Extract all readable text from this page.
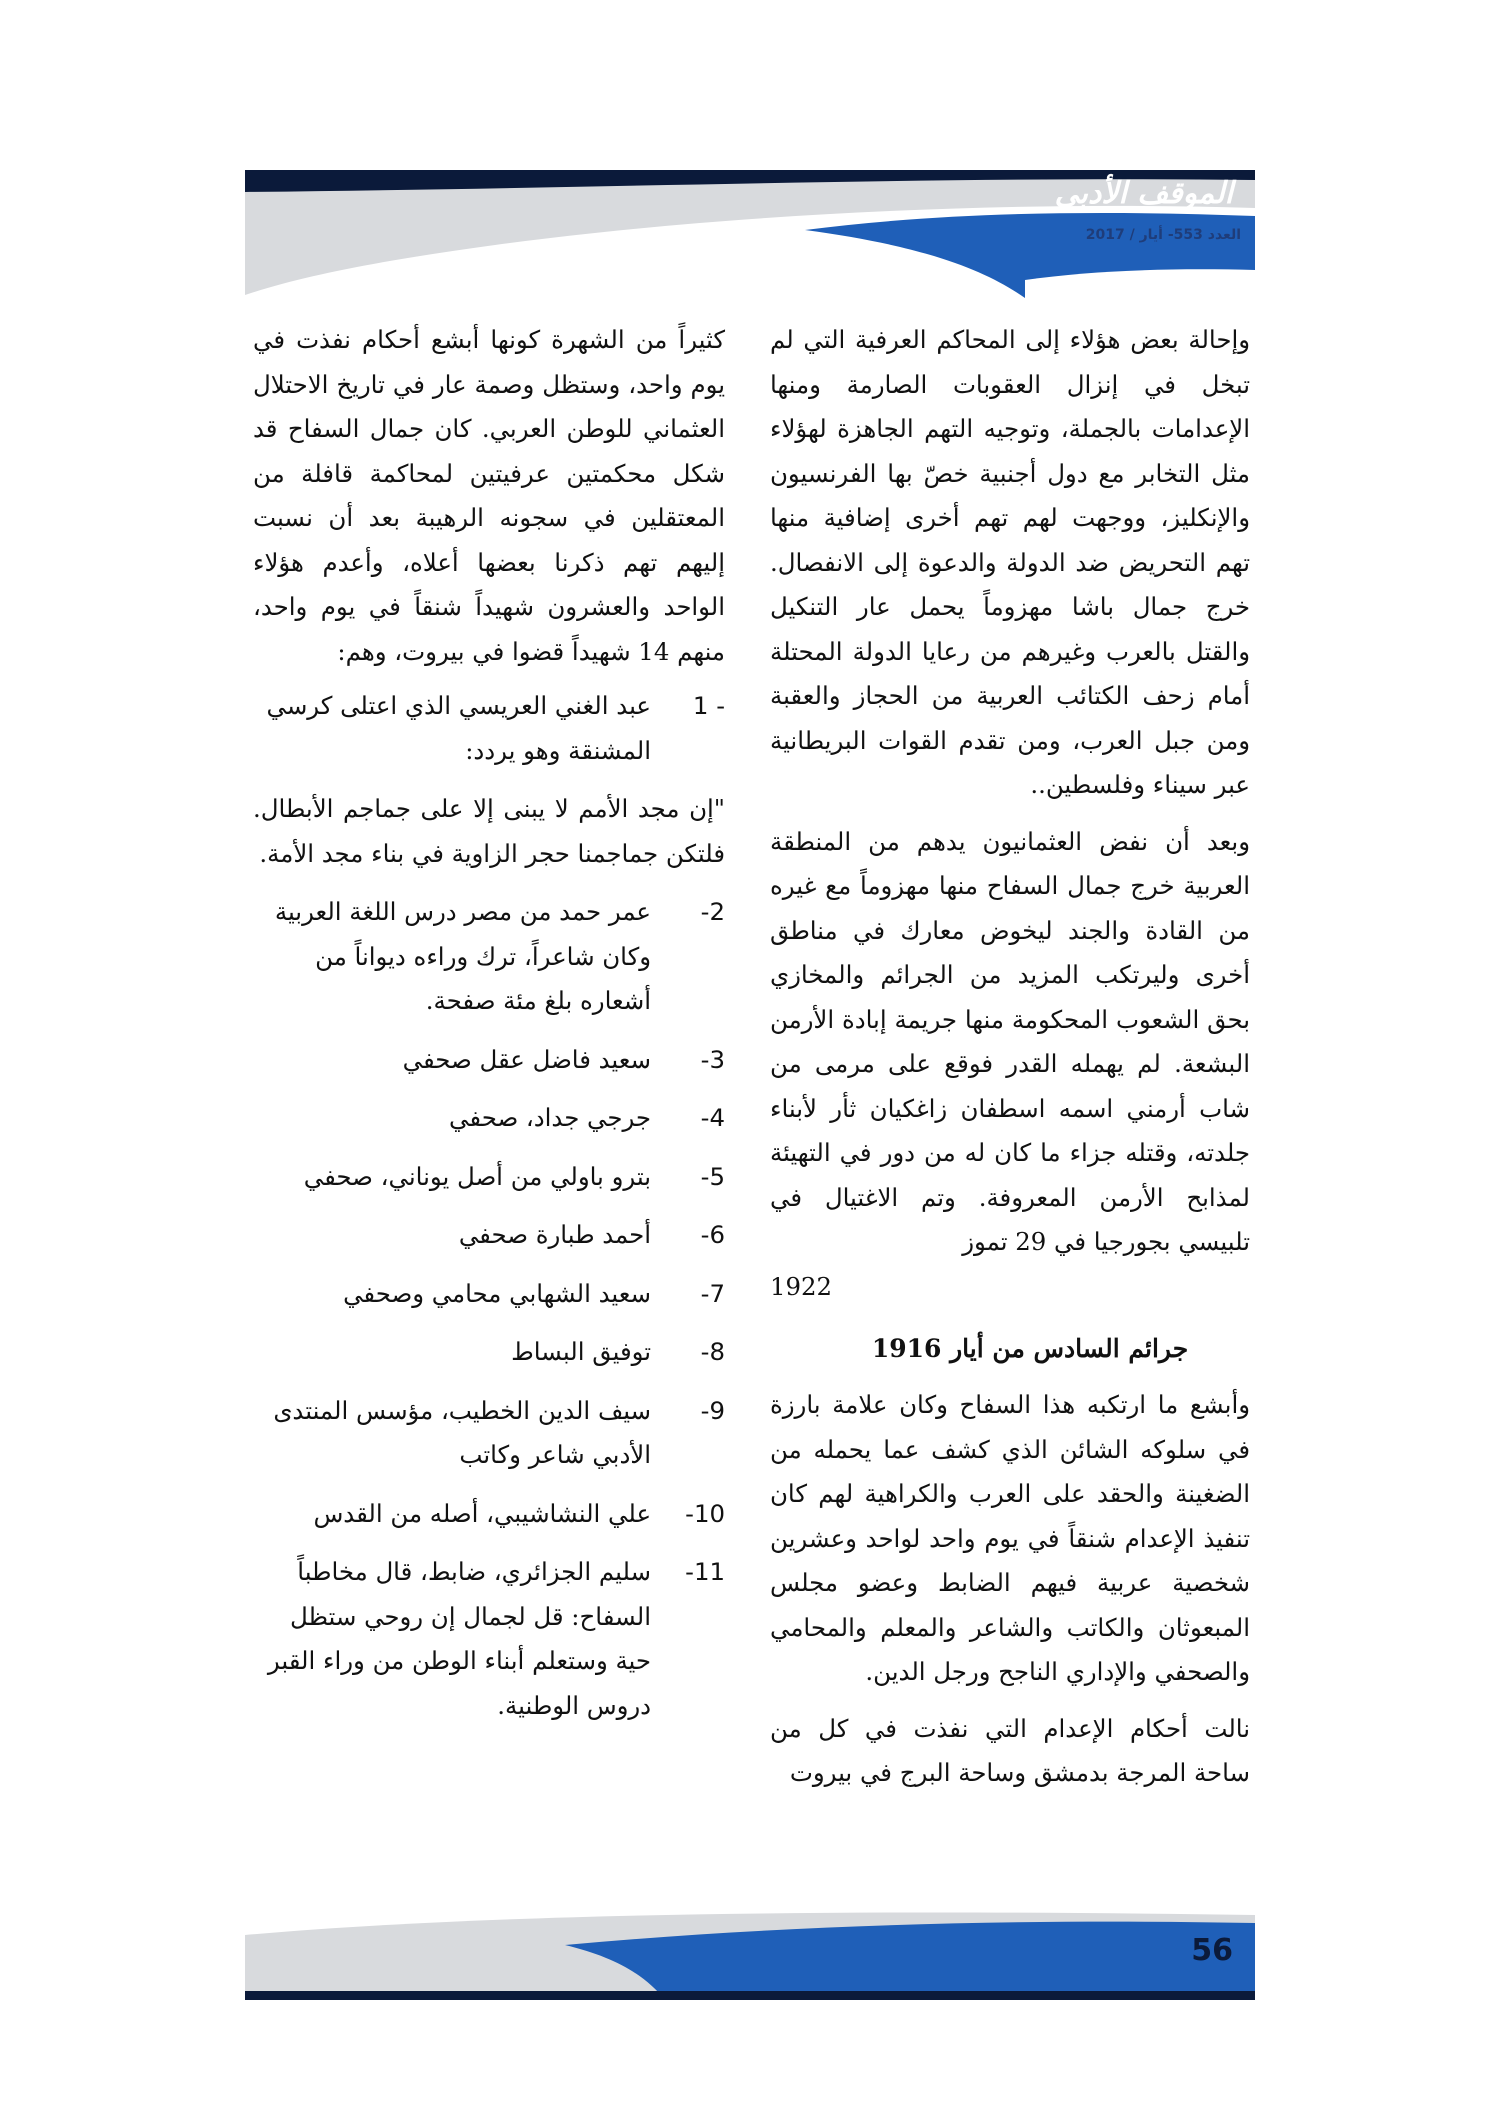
الموقف الأدبي
العدد 553- أيار / 2017

وإحالة بعض هؤلاء إلى المحاكم العرفية التي لم تبخل في إنزال العقوبات الصارمة ومنها الإعدامات بالجملة، وتوجيه التهم الجاهزة لهؤلاء مثل التخابر مع دول أجنبية خصّ بها الفرنسيون والإنكليز، ووجهت لهم تهم أخرى إضافية منها تهم التحريض ضد الدولة والدعوة إلى الانفصال. خرج جمال باشا مهزوماً يحمل عار التنكيل والقتل بالعرب وغيرهم من رعايا الدولة المحتلة أمام زحف الكتائب العربية من الحجاز والعقبة ومن جبل العرب، ومن تقدم القوات البريطانية عبر سيناء وفلسطين..

وبعد أن نفض العثمانيون يدهم من المنطقة العربية خرج جمال السفاح منها مهزوماً مع غيره من القادة والجند ليخوض معارك في مناطق أخرى وليرتكب المزيد من الجرائم والمخازي بحق الشعوب المحكومة منها جريمة إبادة الأرمن البشعة. لم يهمله القدر فوقع على مرمى من شاب أرمني اسمه اسطفان زاغكيان ثأر لأبناء جلدته، وقتله جزاء ما كان له من دور في التهيئة لمذابح الأرمن المعروفة. وتم الاغتيال في تلبيسي بجورجيا في 29 تموز

1922

جرائم السادس من أيار 1916

وأبشع ما ارتكبه هذا السفاح وكان علامة بارزة في سلوكه الشائن الذي كشف عما يحمله من الضغينة والحقد على العرب والكراهية لهم كان تنفيذ الإعدام شنقاً في يوم واحد لواحد وعشرين شخصية عربية فيهم الضابط وعضو مجلس المبعوثان والكاتب والشاعر والمعلم والمحامي والصحفي والإداري الناجح ورجل الدين.

نالت أحكام الإعدام التي نفذت في كل من ساحة المرجة بدمشق وساحة البرج في بيروت

كثيراً من الشهرة كونها أبشع أحكام نفذت في يوم واحد، وستظل وصمة عار في تاريخ الاحتلال العثماني للوطن العربي. كان جمال السفاح قد شكل محكمتين عرفيتين لمحاكمة قافلة من المعتقلين في سجونه الرهيبة بعد أن نسبت إليهم تهم ذكرنا بعضها أعلاه، وأعدم هؤلاء الواحد والعشرون شهيداً شنقاً في يوم واحد، منهم 14 شهيداً قضوا في بيروت، وهم:

1 -
عبد الغني العريسي الذي اعتلى كرسي المشنقة وهو يردد:

"إن مجد الأمم لا يبنى إلا على جماجم الأبطال. فلتكن جماجمنا حجر الزاوية في بناء مجد الأمة.

-2
عمر حمد من مصر درس اللغة العربية وكان شاعراً، ترك وراءه ديواناً من أشعاره بلغ مئة صفحة.
-3
سعيد فاضل عقل صحفي
-4
جرجي جداد، صحفي
-5
بترو باولي من أصل يوناني، صحفي
-6
أحمد طبارة صحفي
-7
سعيد الشهابي محامي وصحفي
-8
توفيق البساط
-9
سيف الدين الخطيب، مؤسس المنتدى الأدبي شاعر وكاتب
-10
علي النشاشيبي، أصله من القدس
-11
سليم الجزائري، ضابط، قال مخاطباً السفاح: قل لجمال إن روحي ستظل حية وستعلم أبناء الوطن من وراء القبر دروس الوطنية.
56
